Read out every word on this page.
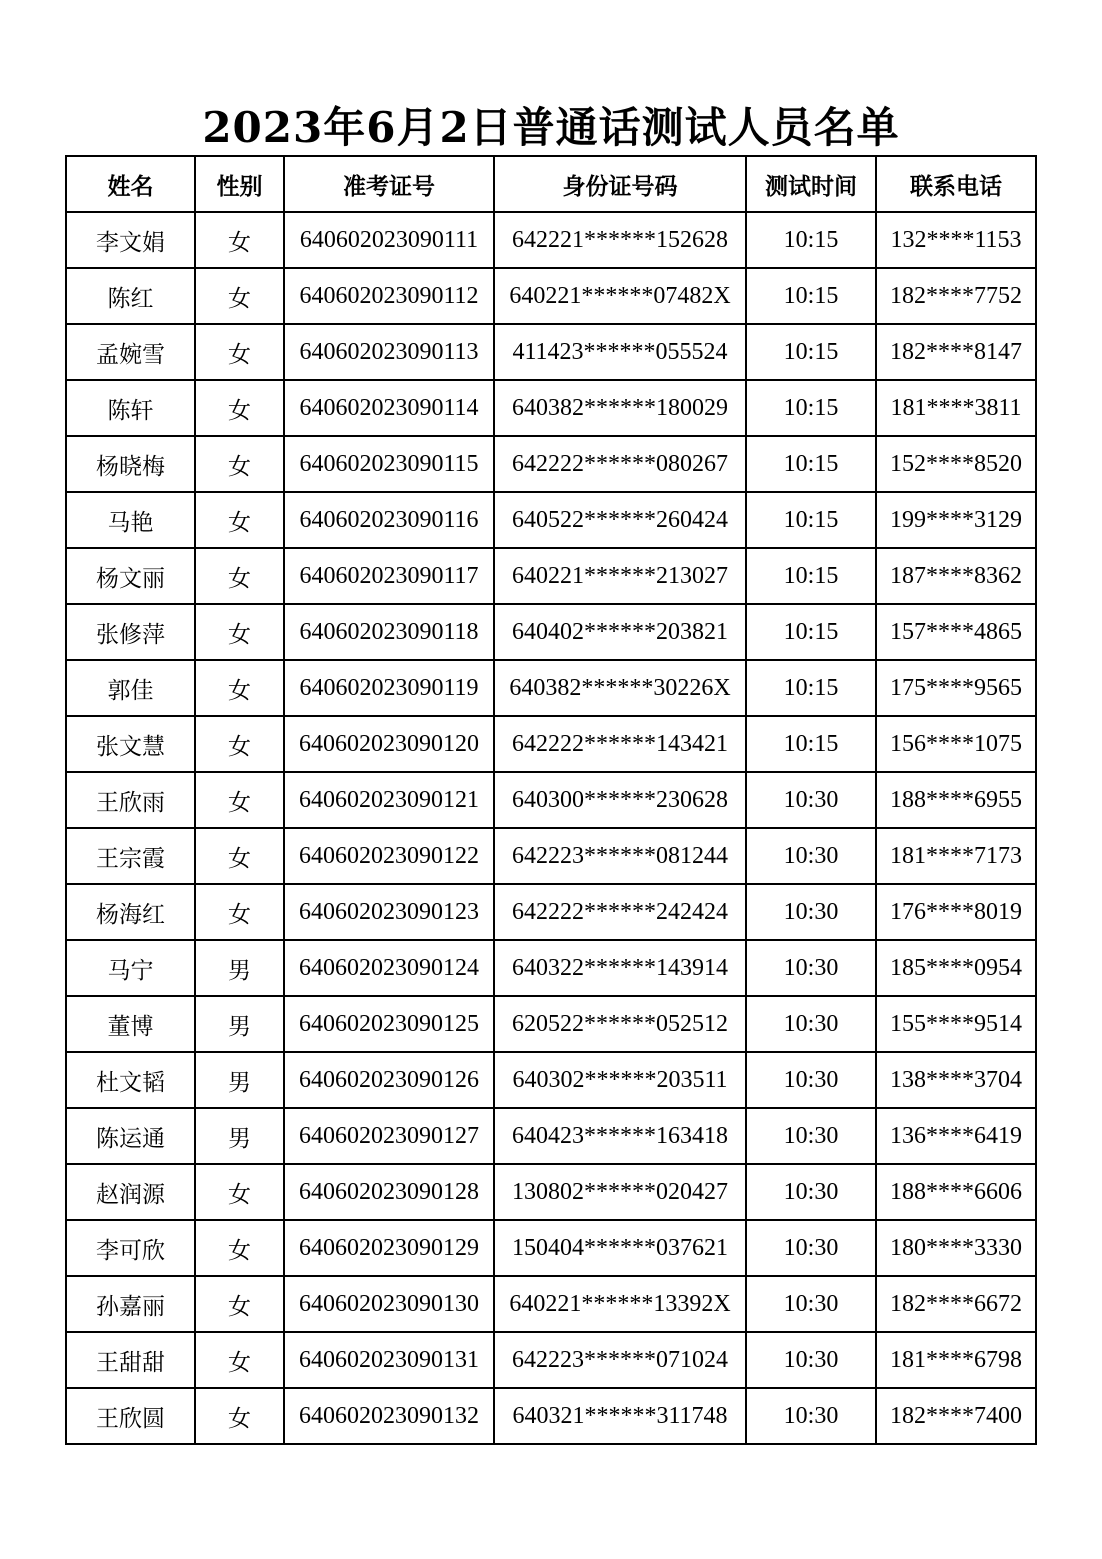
2023年6月2日普通话测试人员名单
姓名	性别	准考证号	身份证号码	测试时间	联系电话
李文娟	女	640602023090111	642221******152628	10:15	132****1153
陈红	女	640602023090112	640221******07482X	10:15	182****7752
孟婉雪	女	640602023090113	411423******055524	10:15	182****8147
陈轩	女	640602023090114	640382******180029	10:15	181****3811
杨晓梅	女	640602023090115	642222******080267	10:15	152****8520
马艳	女	640602023090116	640522******260424	10:15	199****3129
杨文丽	女	640602023090117	640221******213027	10:15	187****8362
张修萍	女	640602023090118	640402******203821	10:15	157****4865
郭佳	女	640602023090119	640382******30226X	10:15	175****9565
张文慧	女	640602023090120	642222******143421	10:15	156****1075
王欣雨	女	640602023090121	640300******230628	10:30	188****6955
王宗霞	女	640602023090122	642223******081244	10:30	181****7173
杨海红	女	640602023090123	642222******242424	10:30	176****8019
马宁	男	640602023090124	640322******143914	10:30	185****0954
董博	男	640602023090125	620522******052512	10:30	155****9514
杜文韬	男	640602023090126	640302******203511	10:30	138****3704
陈运通	男	640602023090127	640423******163418	10:30	136****6419
赵润源	女	640602023090128	130802******020427	10:30	188****6606
李可欣	女	640602023090129	150404******037621	10:30	180****3330
孙嘉丽	女	640602023090130	640221******13392X	10:30	182****6672
王甜甜	女	640602023090131	642223******071024	10:30	181****6798
王欣圆	女	640602023090132	640321******311748	10:30	182****7400
